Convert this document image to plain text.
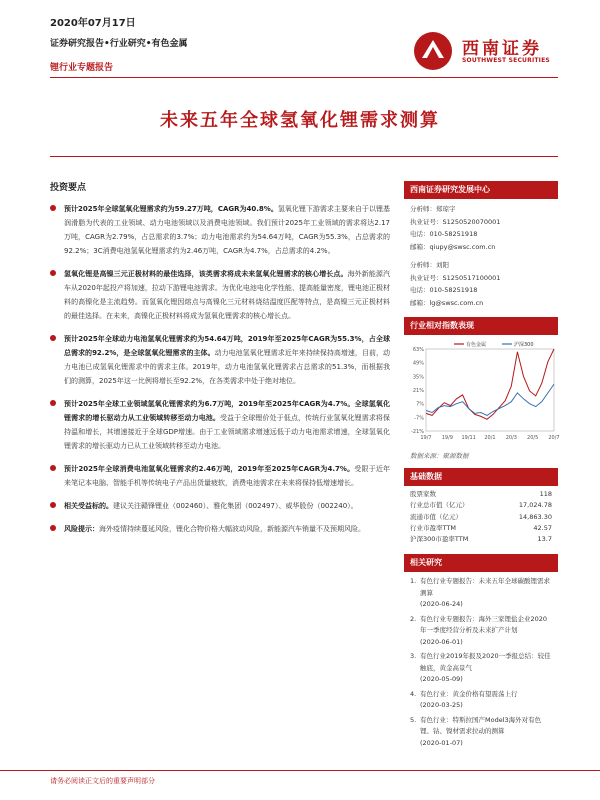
2020年07月17日
证券研究报告•行业研究•有色金属
锂行业专题报告
西南证券
SOUTHWEST SECURITIES
未来五年全球氢氧化锂需求测算
投资要点
预计2025年全球氢氧化锂需求约为59.27万吨，CAGR为40.8%。氢氧化锂下游需求主要来自于以锂基润滑脂为代表的工业领域、动力电池领域以及消费电池领域。我们预计2025年工业领域的需求将达2.17万吨，CAGR为2.79%，占总需求的3.7%；动力电池需求约为54.64万吨，CAGR为55.3%，占总需求的92.2%；3C消费电池氢氧化锂需求约为2.46万吨，CAGR为4.7%，占总需求的4.2%。
氢氧化锂是高镍三元正极材料的最佳选择，该类需求将成未来氢氧化锂需求的核心增长点。海外新能源汽车从2020年起投产将加速，拉动下游锂电池需求。为优化电池电化学性能、提高能量密度，锂电池正极材料的高镍化是主流趋势。而氢氧化锂因熔点与高镍化三元材料烧结温度匹配等特点，是高镍三元正极材料的最佳选择。在未来，高镍化正极材料将成为氢氧化锂需求的核心增长点。
预计2025年全球动力电池氢氧化锂需求约为54.64万吨，2019年至2025年CAGR为55.3%，占全球总需求的92.2%，是全球氢氧化锂需求的主体。动力电池氢氧化锂需求近年来持续保持高增速，目前，动力电池已成氢氧化锂需求中的需求主体。2019年，动力电池氢氧化锂需求占总需求的51.3%，而根据我们的测算，2025年这一比例将增长至92.2%，在各类需求中处于绝对地位。
预计2025年全球工业领域氢氧化锂需求约为6.7万吨，2019年至2025年CAGR为4.7%。全球氢氧化锂需求的增长驱动力从工业领域转移至动力电池。受益于全球锂价处于低点，传统行业氢氧化锂需求将保持温和增长，其增速接近于全球GDP增速。由于工业领域需求增速远低于动力电池需求增速，全球氢氧化锂需求的增长驱动力已从工业领域转移至动力电池。
预计2025年全球消费电池氢氧化锂需求约2.46万吨，2019年至2025年CAGR为4.7%。受限于近年来笔记本电脑、智能手机等传统电子产品出货量疲软，消费电池需求在未来将保持低增速增长。
相关受益标的。建议关注赣锋锂业（002460）、雅化集团（002497）、威华股份（002240）。
风险提示：海外疫情持续蔓延风险，锂化合物价格大幅波动风险，新能源汽车销量不及预期风险。
西南证券研究发展中心
分析师：郑琼宇
执业证号：S1250520070001
电话：010-58251918
邮箱：qiupy@swsc.com.cn
分析师：刘阳
执业证号：S1250517100001
电话：010-58251918
邮箱：lg@swsc.com.cn
行业相对指数表现
63%
49%
35%
21%
7%
-7%
-21%
19/7 19/9 19/11 20/1 20/3 20/5 20/7
有色金属	沪深300
数据来源：聚源数据
基础数据
股票家数	118
行业总市值（亿元）	17,024.78
流通市值（亿元）	14,863.30
行业市盈率TTM	42.57
沪深300市盈率TTM	13.7
相关研究
1. 有色行业专题报告：未来五年全球碳酸锂需求测算
(2020-06-24)
2. 有色行业专题报告：海外三家锂盐企业2020年一季度经营分析及未来扩产计划
(2020-06-01)
3. 有色行业2019年报及2020一季报总结：较佳触底，黄金高景气
(2020-05-09)
4. 有色行业：黄金价格有望震荡上行
(2020-03-25)
5. 有色行业：特斯拉国产Model3海外对有色锂、钴、镍材需求拉动的测算
(2020-01-07)
请务必阅读正文后的重要声明部分
